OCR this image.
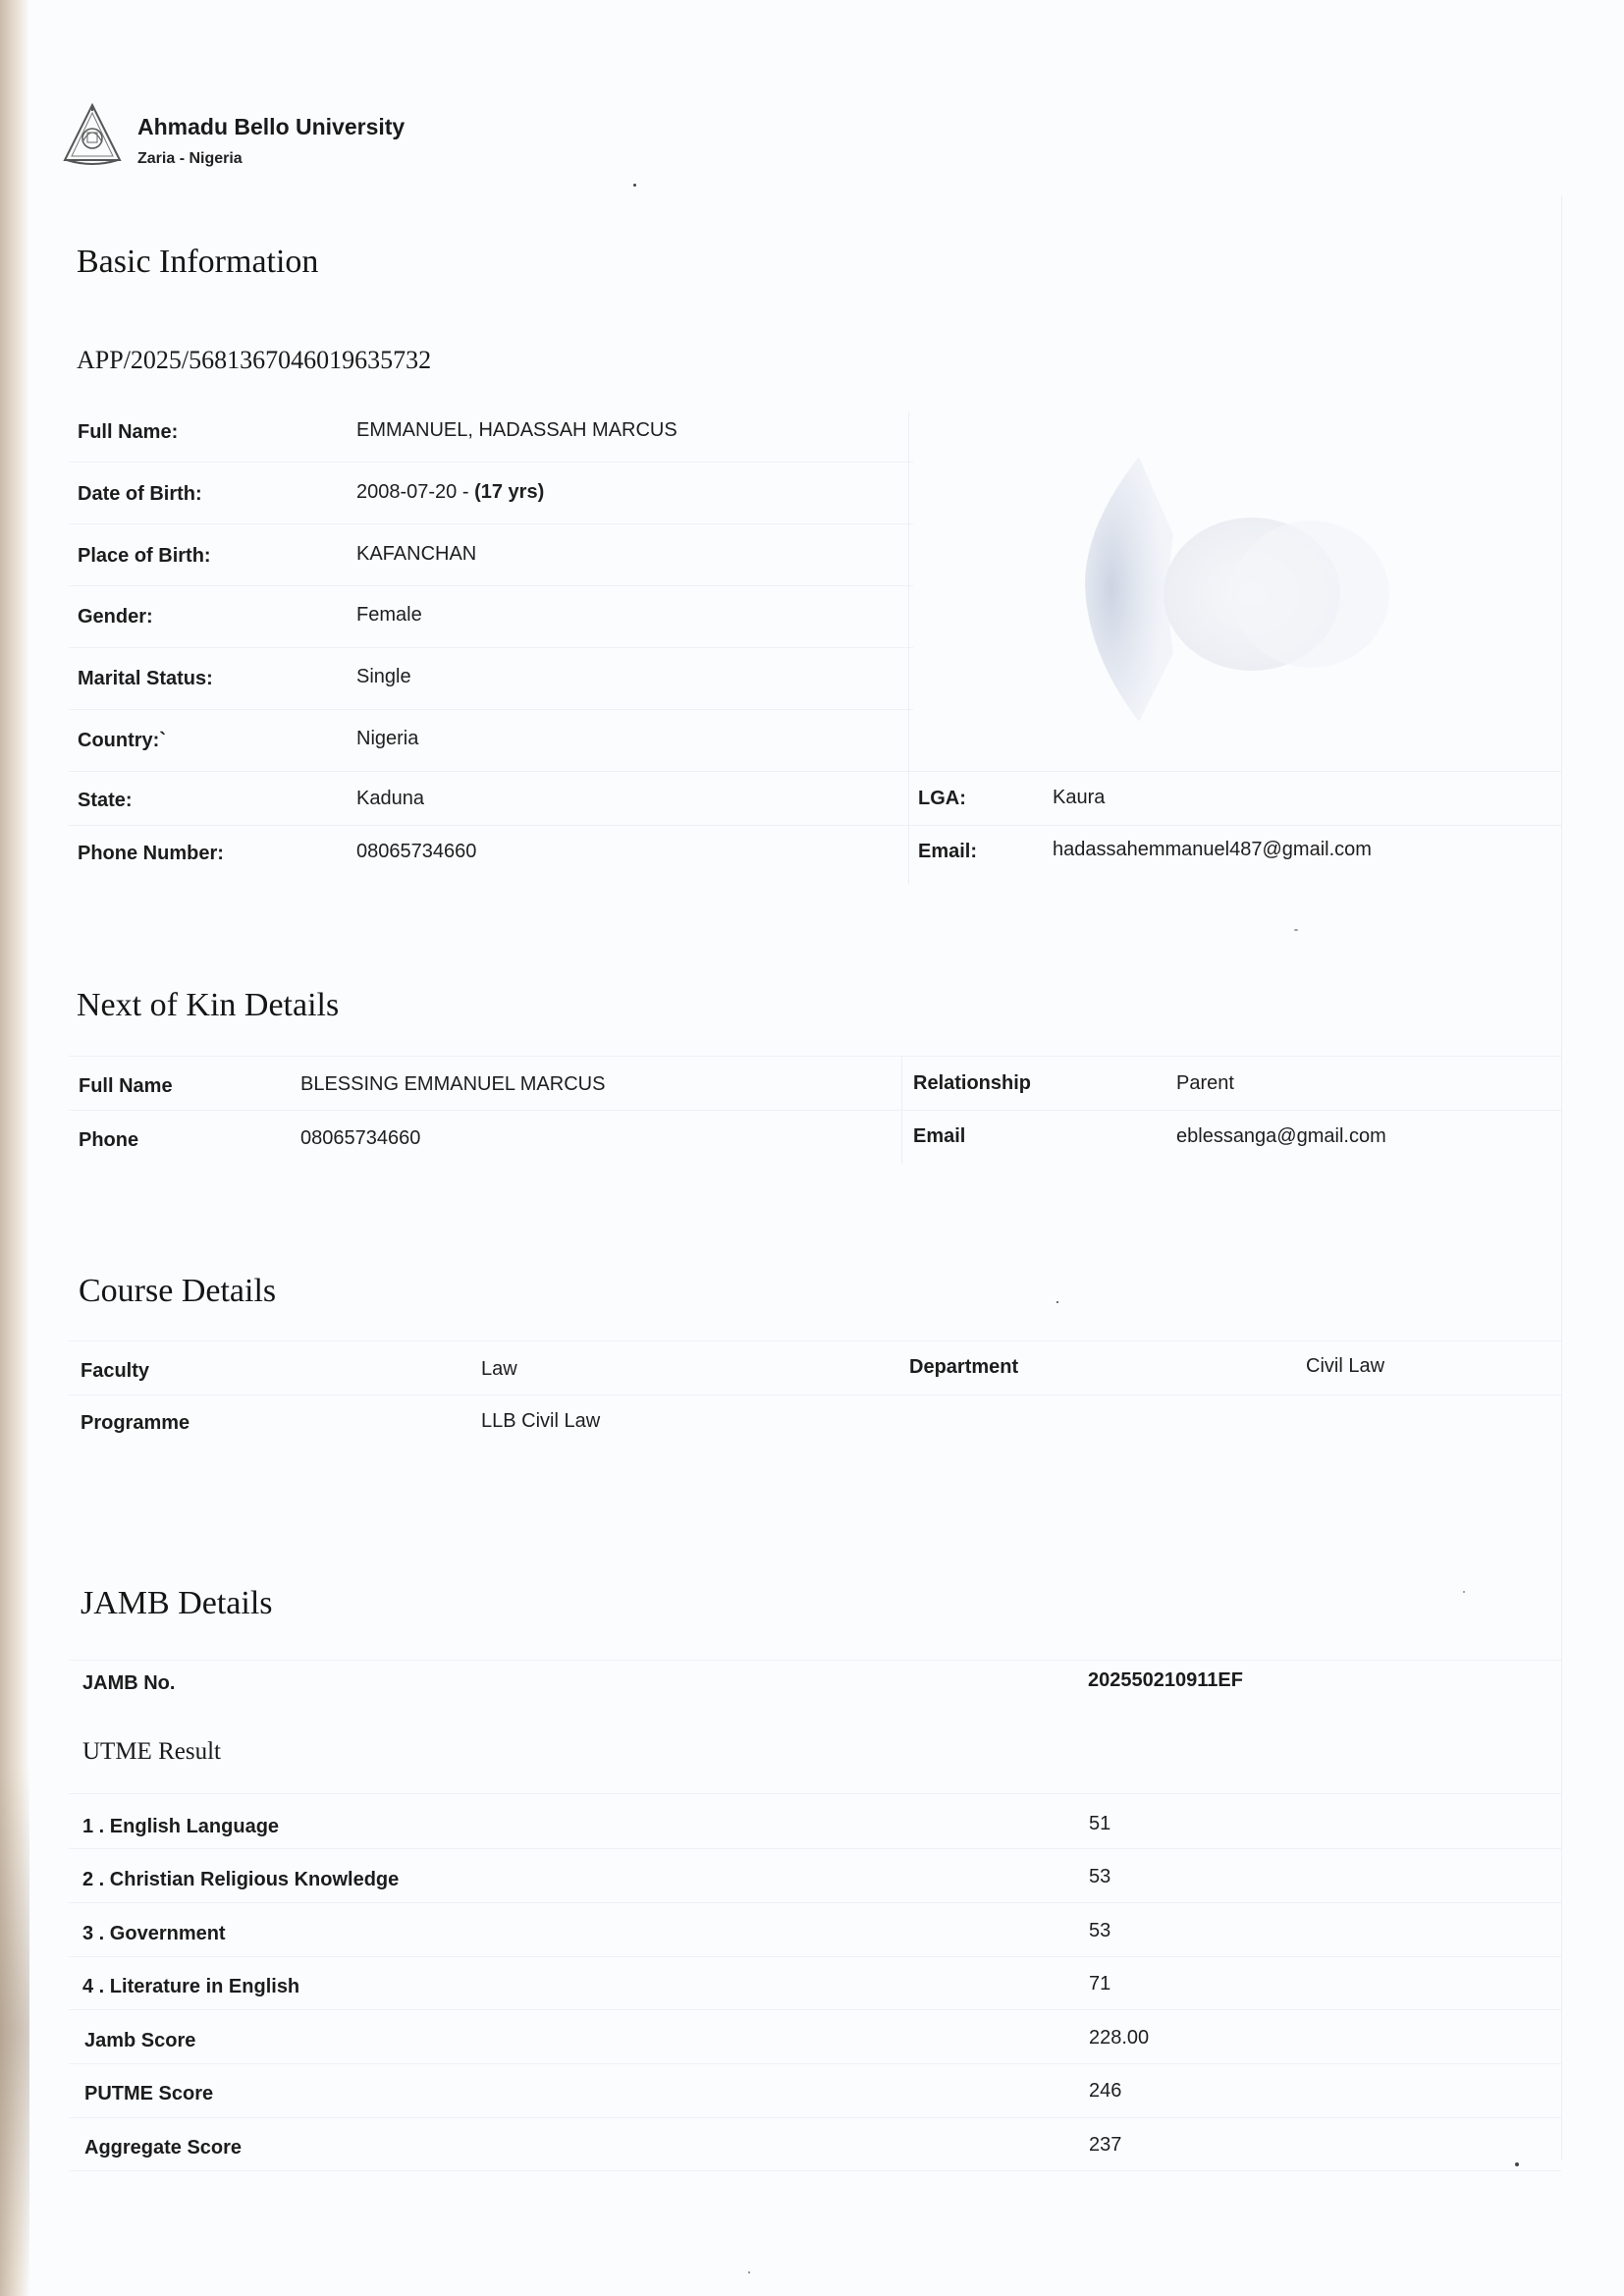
Ahmadu Bello University
Zaria - Nigeria
Basic Information
APP/2025/5681367046019635732
Full Name:	EMMANUEL, HADASSAH MARCUS
Date of Birth:	2008-07-20 - (17 yrs)
Place of Birth:	KAFANCHAN
Gender:	Female
Marital Status:	Single
Country:`	Nigeria
State:	Kaduna
Phone Number:	08065734660
LGA:	Kaura
Email:	hadassahemmanuel487@gmail.com
Next of Kin Details
Full Name	BLESSING EMMANUEL MARCUS	Relationship	Parent
Phone	08065734660	Email	eblessanga@gmail.com
Course Details
Faculty	Law	Department	Civil Law
Programme	LLB Civil Law
JAMB Details
JAMB No.	202550210911EF
UTME Result
1 . English Language	51
2 . Christian Religious Knowledge	53
3 . Government	53
4 . Literature in English	71
Jamb Score	228.00
PUTME Score	246
Aggregate Score	237
